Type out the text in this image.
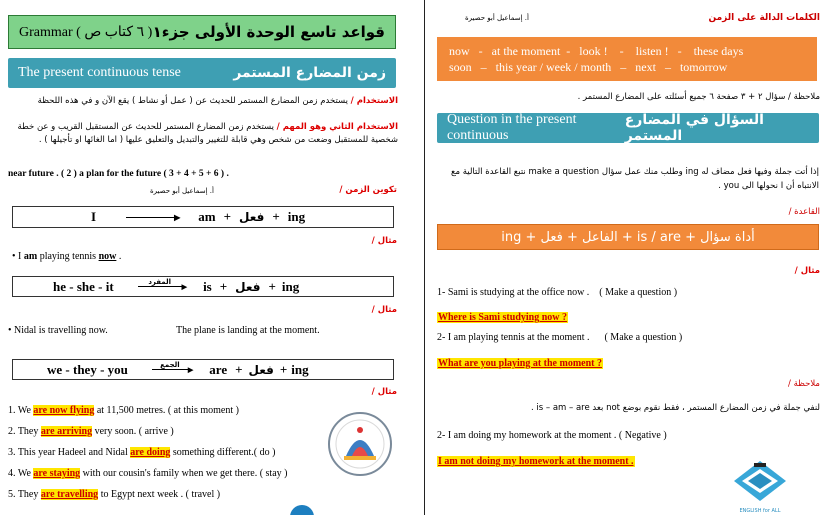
Grammar ( ٦ كتاب ص ) قواعد تاسع الوحدة الأولى جزء١
The present continuous tense	زمن المضارع المستمر
الاستخدام / يستخدم زمن المضارع المستمر للحديث عن ( عمل أو نشاط ) يقع الآن و في هذه اللحظة
الاستخدام الثاني وهو المهم / يستخدم زمن المضارع المستمر للحديث عن المستقبل القريب و عن خطة شخصية للمستقبل وضعت من شخص وهي قابلة للتغيير والتبديل والتعليق عليها ( اما الغائها او تأجيلها ) .
near future . ( 2 ) a plan for the future ( 3 + 4 + 5 + 6 ) .
تكوين الزمن /
أ. إسماعيل أبو حصيرة
I	▶ am + فعل + ing
مثال /
• I am playing tennis now .
he - she - it	المفرد
▶ is + فعل + ing
مثال /
• Nidal is travelling now.	The plane is landing at the moment.
we - they - you	الجمع
▶ are + فعل + ing
مثال /
1. We are now flying at 11,500 metres. ( at this moment )
2. They are arriving very soon. ( arrive )
3. This year Hadeel and Nidal are doing something different.( do )
4. We are staying with our cousin's family when we get there. ( stay )
5. They are travelling to Egypt next week . ( travel )
الكلمات الدالة على الزمن
أ. إسماعيل أبو حصيرة
now   -   at the moment  -   look !    -    listen !   -    these days
soon   –   this year / week / month   –   next   –   tomorrow
ملاحظة / سؤال ٢ + ٣ صفحة ٦ جميع أسئلته على المضارع المستمر .
Question in the present continuous
السؤال في المضارع المستمر
إذا أتت جملة وفيها فعل مضاف له ing وطلب منك عمل سؤال make a question نتبع القاعدة التالية مع الانتباه أن I نحولها الى you .
القاعدة /
أداة سؤال + is / are + الفاعل + فعل + ing
مثال /
1- Sami is studying at the office now .    ( Make a question )
Where is Sami studying now ?
2- I am playing tennis at the moment .      ( Make a question )
What are you playing at the moment ?
ملاحظة /
لنفي جملة في زمن المضارع المستمر ، فقط نقوم بوضع not بعد is – am – are .
2- I am doing my homework at the moment . ( Negative )
I am not doing my homework at the moment .
ENGLISH for ALL
